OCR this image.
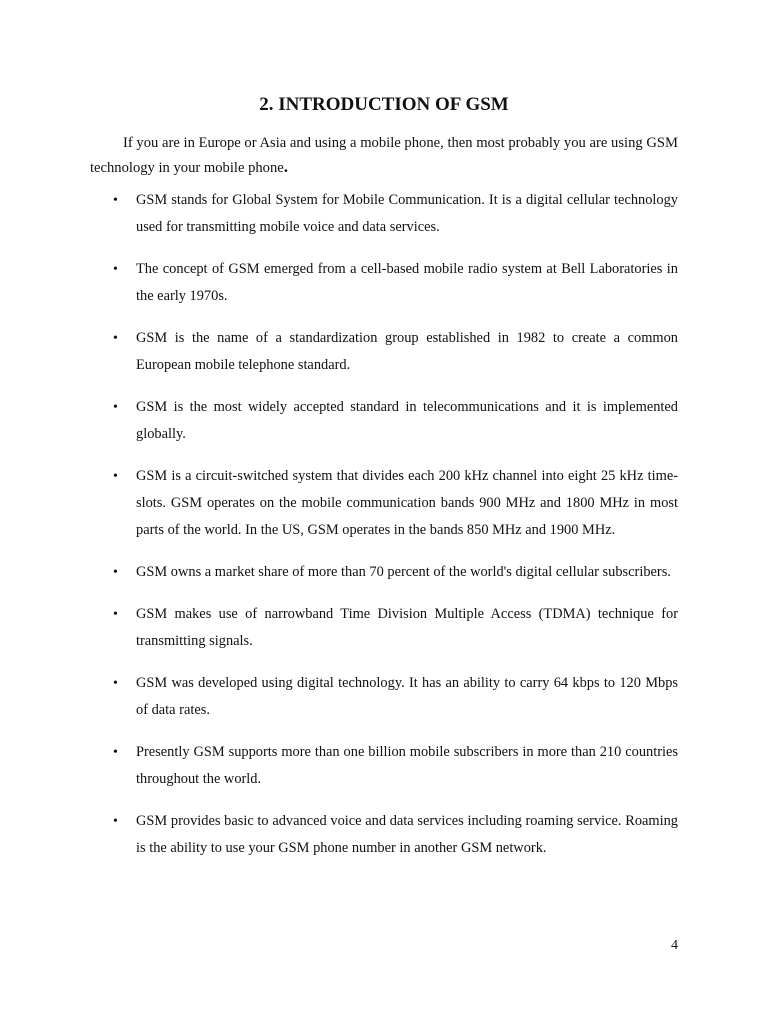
2. INTRODUCTION OF GSM

If you are in Europe or Asia and using a mobile phone, then most probably you are using GSM technology in your mobile phone.

• GSM stands for Global System for Mobile Communication. It is a digital cellular technology used for transmitting mobile voice and data services.
• The concept of GSM emerged from a cell-based mobile radio system at Bell Laboratories in the early 1970s.
• GSM is the name of a standardization group established in 1982 to create a common European mobile telephone standard.
• GSM is the most widely accepted standard in telecommunications and it is implemented globally.
• GSM is a circuit-switched system that divides each 200 kHz channel into eight 25 kHz time-slots. GSM operates on the mobile communication bands 900 MHz and 1800 MHz in most parts of the world. In the US, GSM operates in the bands 850 MHz and 1900 MHz.
• GSM owns a market share of more than 70 percent of the world's digital cellular subscribers.
• GSM makes use of narrowband Time Division Multiple Access (TDMA) technique for transmitting signals.
• GSM was developed using digital technology. It has an ability to carry 64 kbps to 120 Mbps of data rates.
• Presently GSM supports more than one billion mobile subscribers in more than 210 countries throughout the world.
• GSM provides basic to advanced voice and data services including roaming service. Roaming is the ability to use your GSM phone number in another GSM network.
4
